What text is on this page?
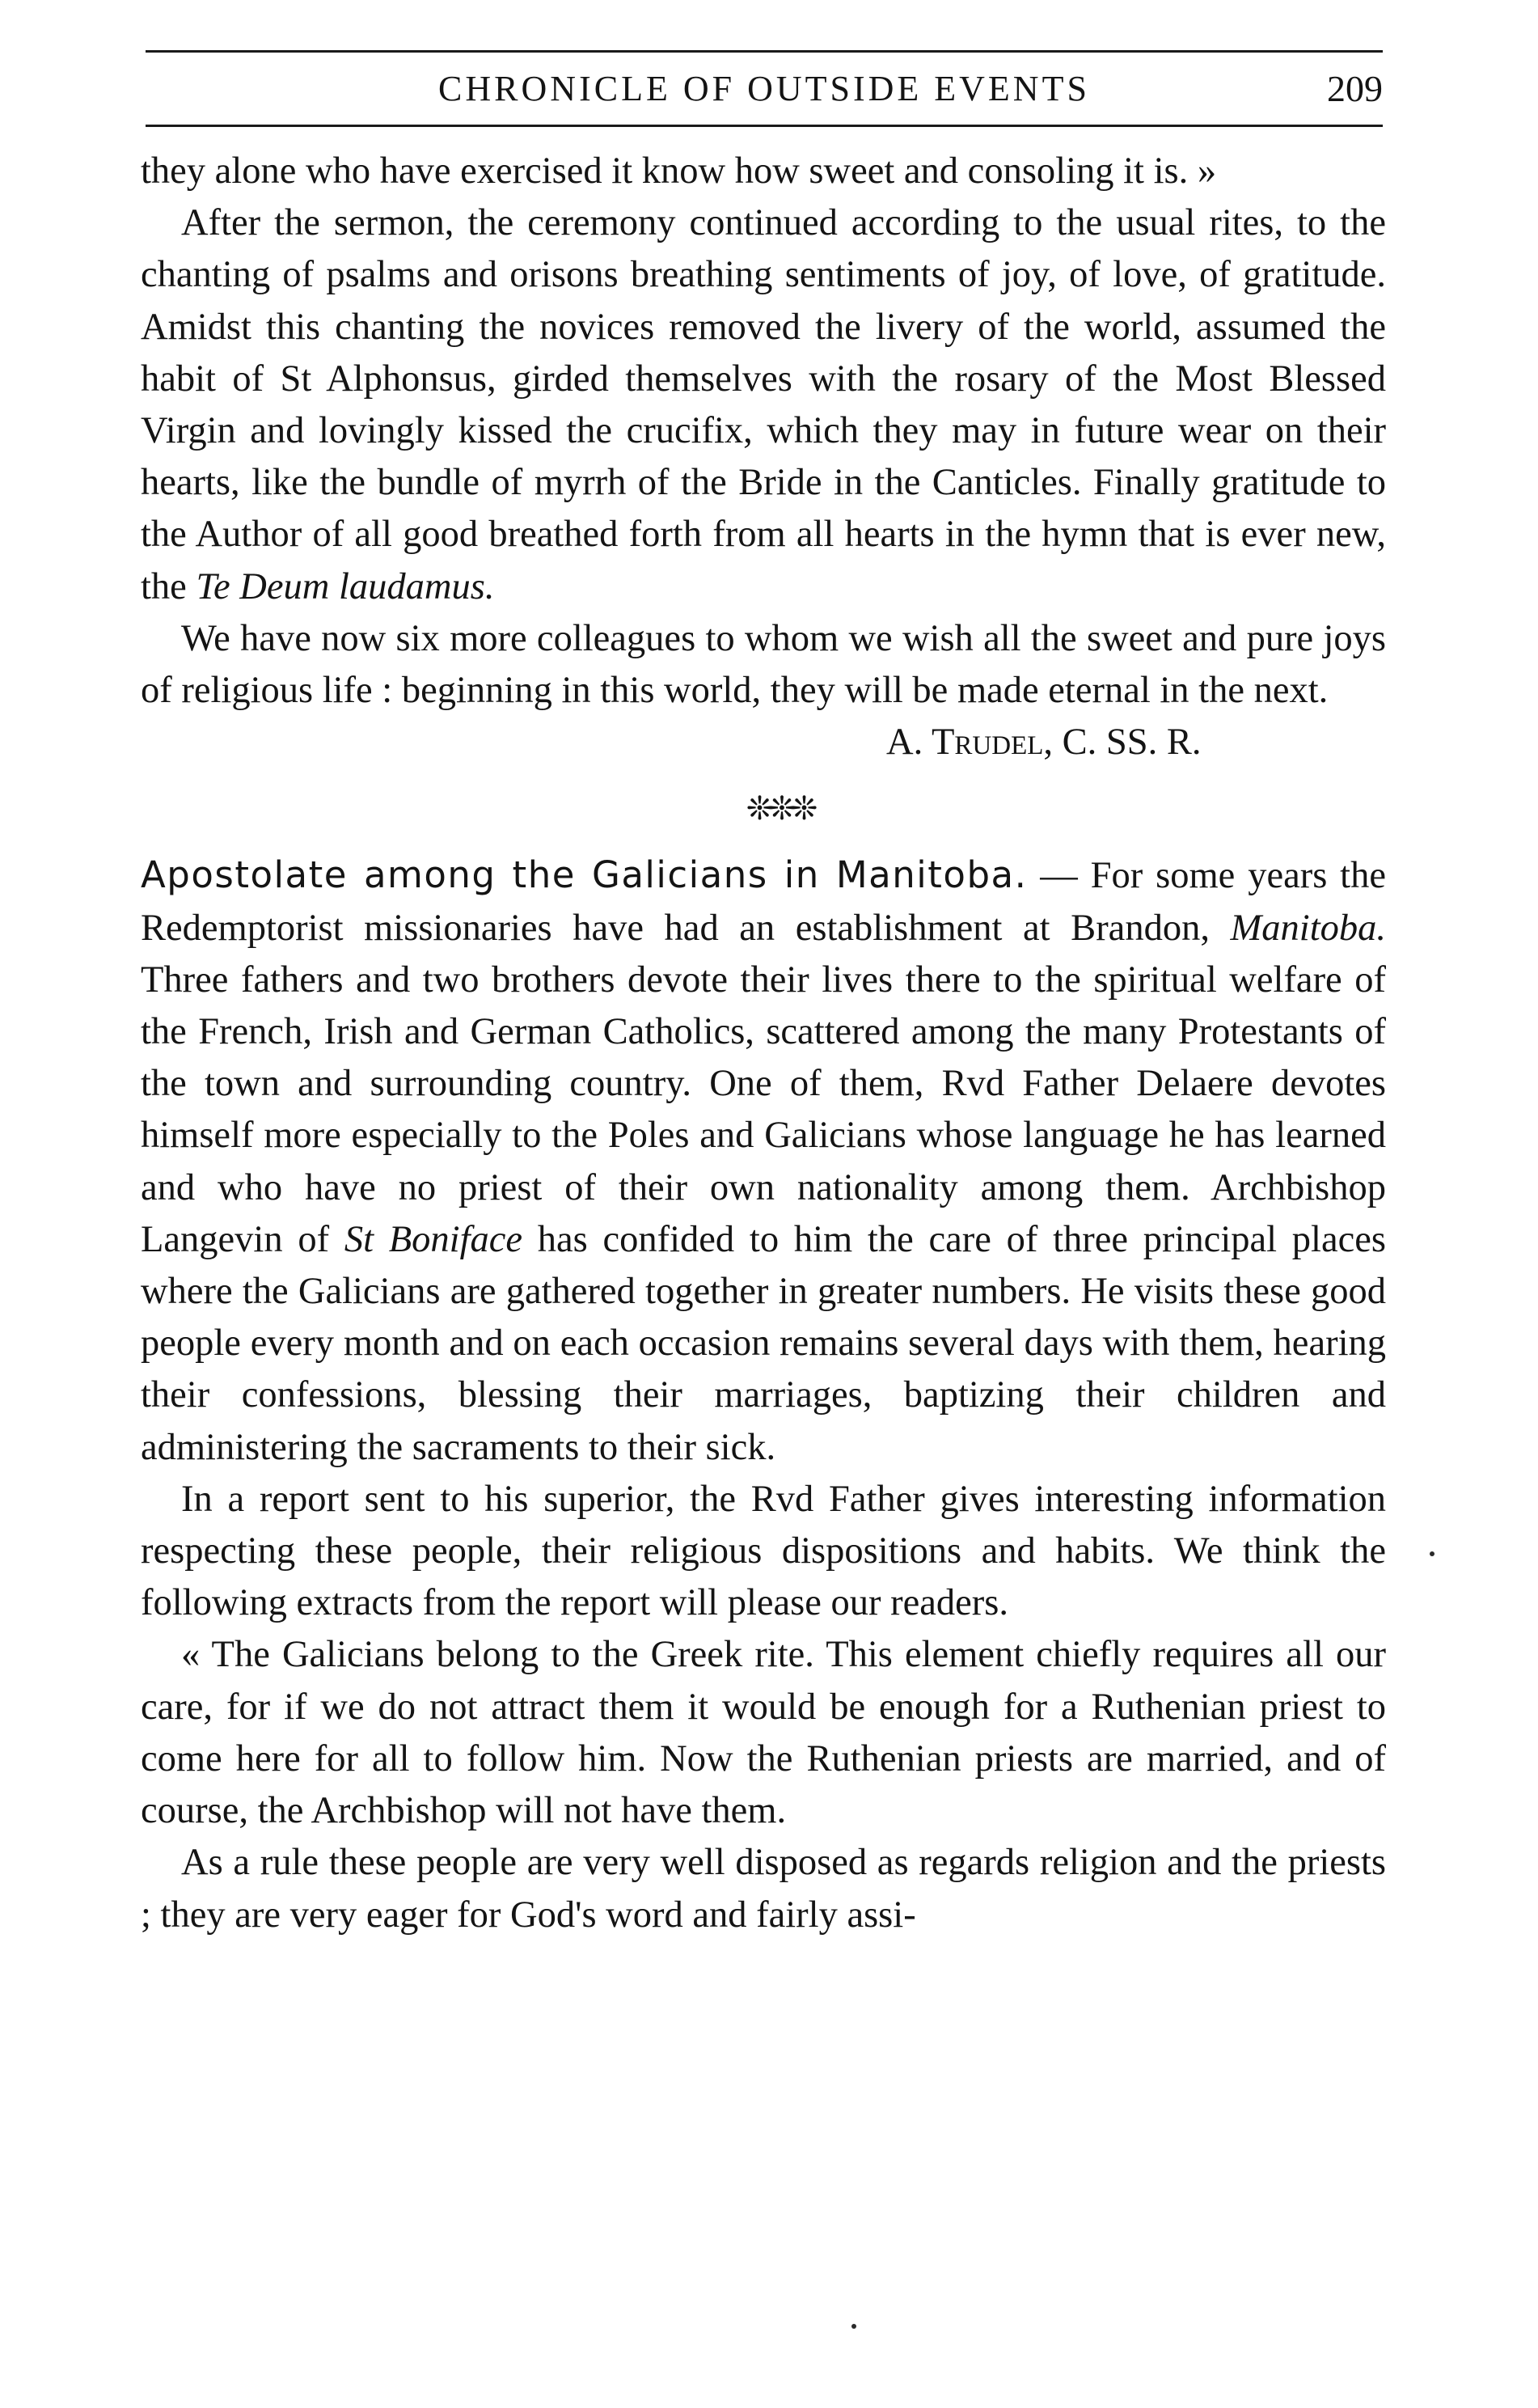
CHRONICLE OF OUTSIDE EVENTS	209

they alone who have exercised it know how sweet and consoling it is. »

After the sermon, the ceremony continued according to the usual rites, to the chanting of psalms and orisons breathing sentiments of joy, of love, of gratitude. Amidst this chanting the novices removed the livery of the world, assumed the habit of St Alphonsus, girded themselves with the rosary of the Most Blessed Virgin and lovingly kissed the crucifix, which they may in future wear on their hearts, like the bundle of myrrh of the Bride in the Canticles. Finally gratitude to the Author of all good breathed forth from all hearts in the hymn that is ever new, the Te Deum laudamus.

We have now six more colleagues to whom we wish all the sweet and pure joys of religious life : beginning in this world, they will be made eternal in the next.

A. Trudel, C. SS. R.

❊❊❊

Apostolate among the Galicians in Manitoba. — For some years the Redemptorist missionaries have had an establishment at Brandon, Manitoba. Three fathers and two brothers devote their lives there to the spiritual welfare of the French, Irish and German Catholics, scattered among the many Protestants of the town and surrounding country. One of them, Rvd Father Delaere devotes himself more especially to the Poles and Galicians whose language he has learned and who have no priest of their own nationality among them. Archbishop Langevin of St Boniface has confided to him the care of three principal places where the Galicians are gathered together in greater numbers. He visits these good people every month and on each occasion remains several days with them, hearing their confessions, blessing their marriages, baptizing their children and administering the sacraments to their sick.

In a report sent to his superior, the Rvd Father gives interesting information respecting these people, their religious dispositions and habits. We think the following extracts from the report will please our readers.

« The Galicians belong to the Greek rite. This element chiefly requires all our care, for if we do not attract them it would be enough for a Ruthenian priest to come here for all to follow him. Now the Ruthenian priests are married, and of course, the Archbishop will not have them.

As a rule these people are very well disposed as regards religion and the priests ; they are very eager for God's word and fairly assi-
